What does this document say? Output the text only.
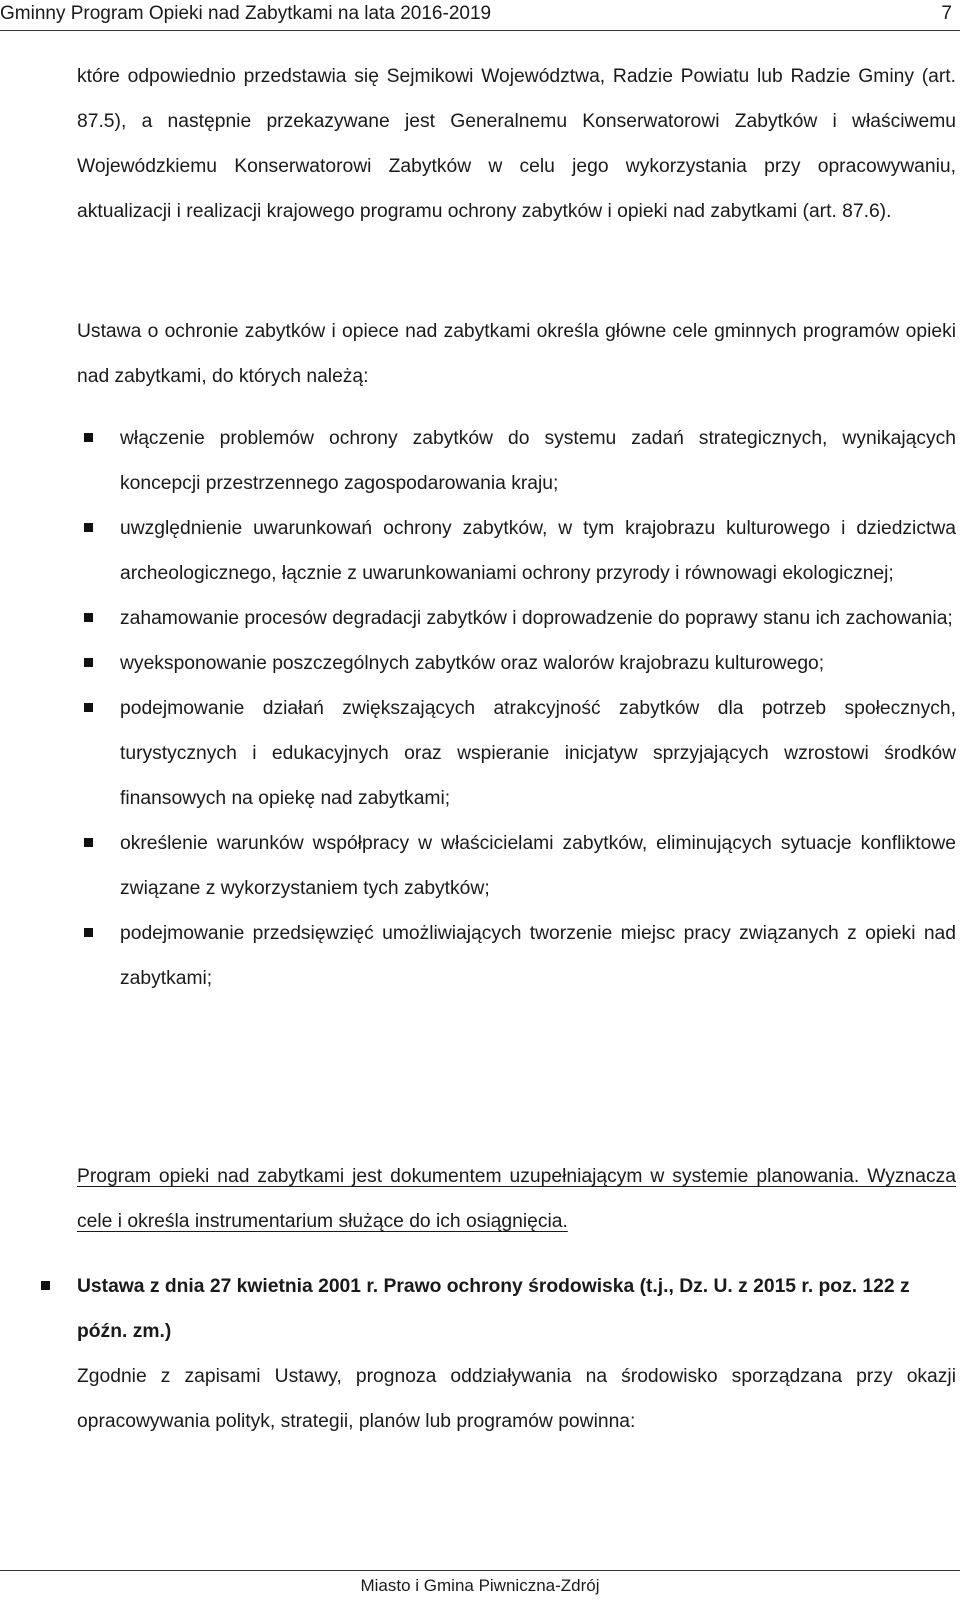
Gminny Program Opieki nad Zabytkami na lata 2016-2019	7

które odpowiednio przedstawia się Sejmikowi Województwa, Radzie Powiatu lub Radzie Gminy (art. 87.5), a następnie przekazywane jest Generalnemu Konserwatorowi Zabytków i właściwemu Wojewódzkiemu Konserwatorowi Zabytków w celu jego wykorzystania przy opracowywaniu, aktualizacji i realizacji krajowego programu ochrony zabytków i opieki nad zabytkami (art. 87.6).

Ustawa o ochronie zabytków i opiece nad zabytkami określa główne cele gminnych programów opieki nad zabytkami, do których należą:

włączenie problemów ochrony zabytków do systemu zadań strategicznych, wynikających koncepcji przestrzennego zagospodarowania kraju;
uwzględnienie uwarunkowań ochrony zabytków, w tym krajobrazu kulturowego i dziedzictwa archeologicznego, łącznie z uwarunkowaniami ochrony przyrody i równowagi ekologicznej;
zahamowanie procesów degradacji zabytków i doprowadzenie do poprawy stanu ich zachowania;
wyeksponowanie poszczególnych zabytków oraz walorów krajobrazu kulturowego;
podejmowanie działań zwiększających atrakcyjność zabytków dla potrzeb społecznych, turystycznych i edukacyjnych oraz wspieranie inicjatyw sprzyjających wzrostowi środków finansowych na opiekę nad zabytkami;
określenie warunków współpracy w właścicielami zabytków, eliminujących sytuacje konfliktowe związane z wykorzystaniem tych zabytków;
podejmowanie przedsięwzięć umożliwiających tworzenie miejsc pracy związanych z opieki nad zabytkami;

Program opieki nad zabytkami jest dokumentem uzupełniającym w systemie planowania. Wyznacza cele i określa instrumentarium służące do ich osiągnięcia.

Ustawa z dnia 27 kwietnia 2001 r. Prawo ochrony środowiska (t.j., Dz. U. z 2015 r. poz. 122 z późn. zm.)

Zgodnie z zapisami Ustawy, prognoza oddziaływania na środowisko sporządzana przy okazji opracowywania polityk, strategii, planów lub programów powinna:

Miasto i Gmina Piwniczna-Zdrój
